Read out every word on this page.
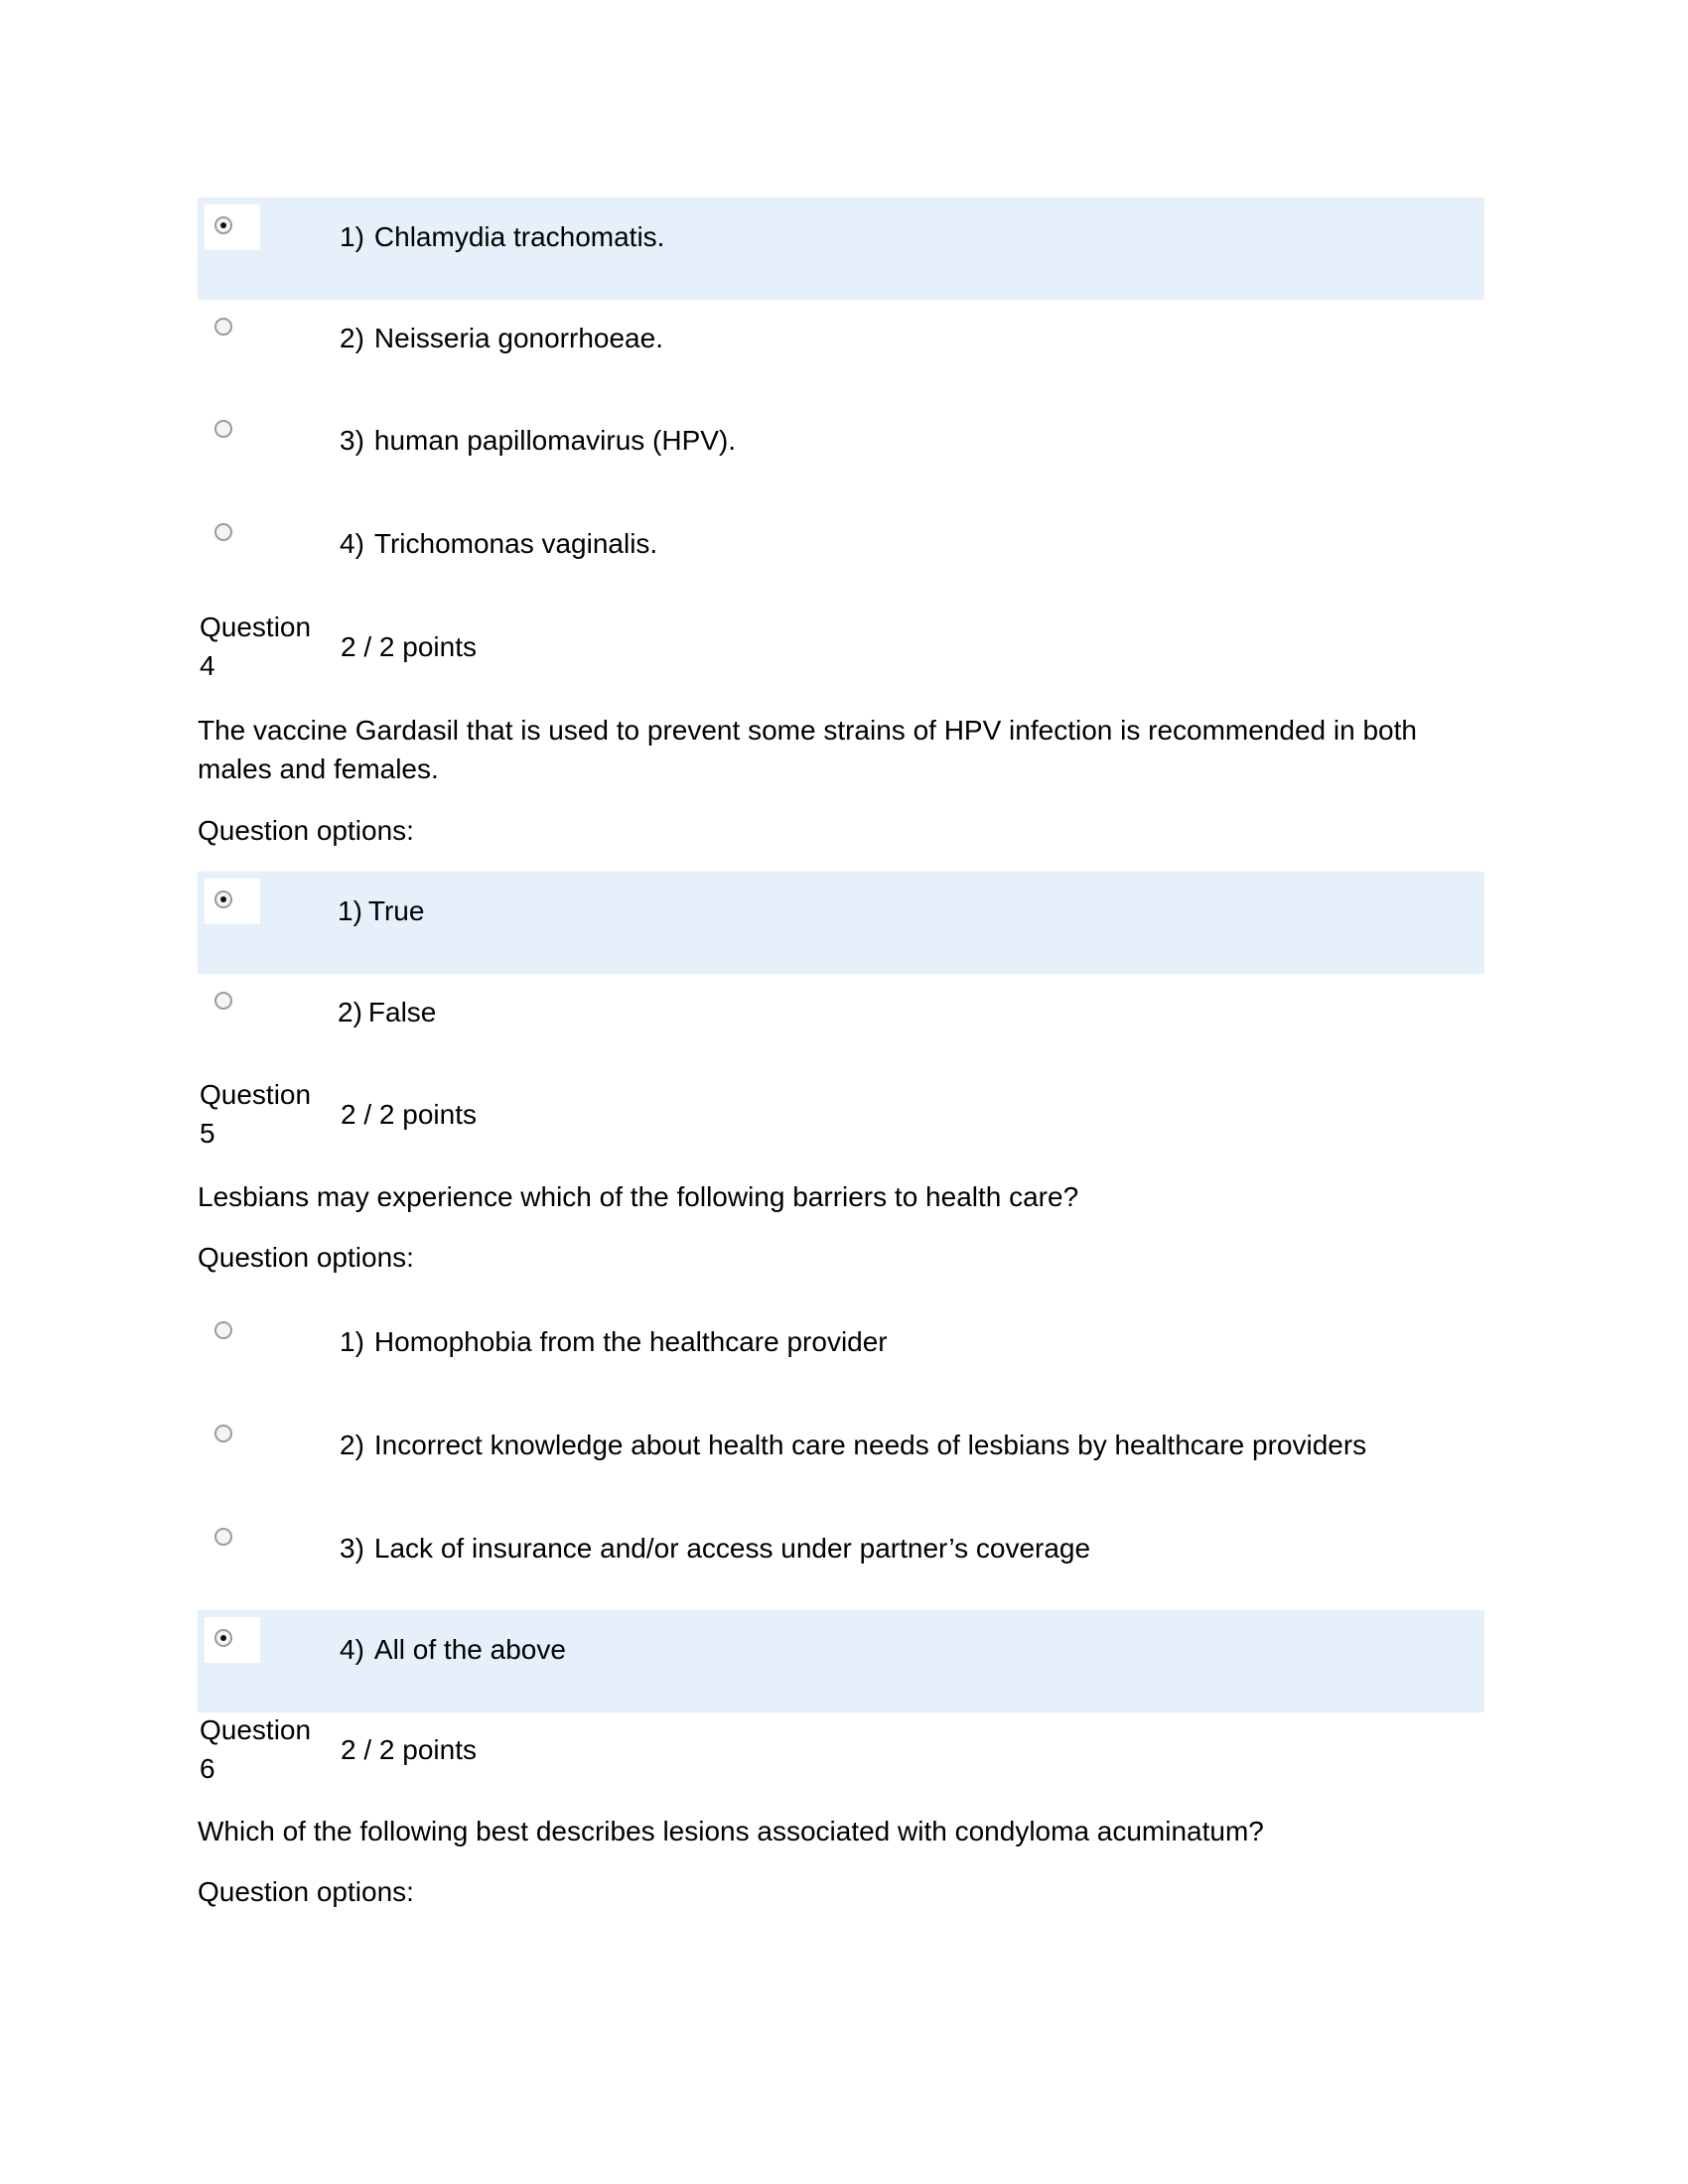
1) Chlamydia trachomatis.
2) Neisseria gonorrhoeae.
3) human papillomavirus (HPV).
4) Trichomonas vaginalis.
Question
4
2 / 2 points
The vaccine Gardasil that is used to prevent some strains of HPV infection is recommended in both males and females.
Question options:
1) True
2) False
Question
5
2 / 2 points
Lesbians may experience which of the following barriers to health care?
Question options:
1) Homophobia from the healthcare provider
2) Incorrect knowledge about health care needs of lesbians by healthcare providers
3) Lack of insurance and/or access under partner’s coverage
4) All of the above
Question
6
2 / 2 points
Which of the following best describes lesions associated with condyloma acuminatum?
Question options:
